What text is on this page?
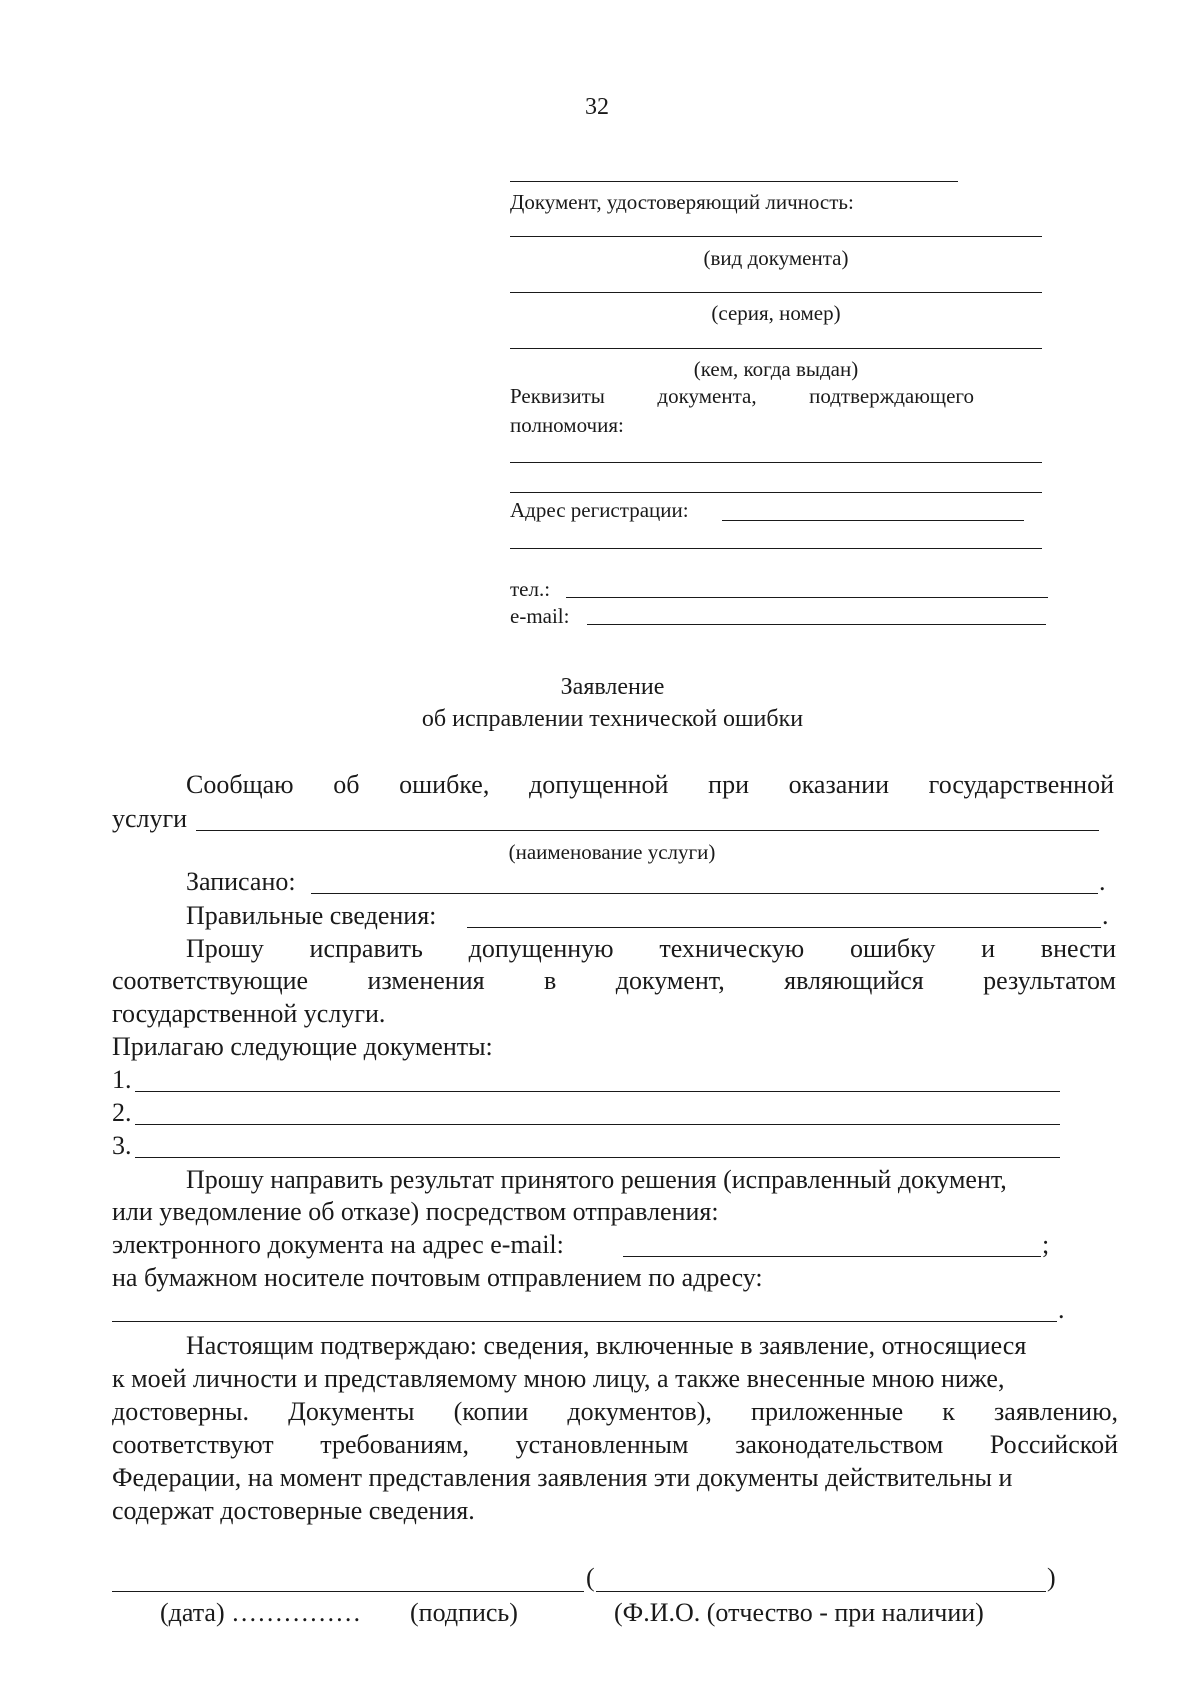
32
Документ, удостоверяющий личность:
(вид документа)
(серия, номер)
(кем, когда выдан)
Реквизиты документа, подтверждающего
полномочия:
Адрес регистрации:
тел.:
e-mail:
Заявление
об исправлении технической ошибки
Сообщаю об ошибке, допущенной при оказании государственной
услуги
(наименование услуги)
Записано:	.
Правильные сведения:	.
Прошу исправить допущенную техническую ошибку и внести
соответствующие изменения в документ, являющийся результатом
государственной услуги.
Прилагаю следующие документы:
1.
2.
3.
Прошу направить результат принятого решения (исправленный документ,
или уведомление об отказе) посредством отправления:
электронного документа на адрес e-mail:	;
на бумажном носителе почтовым отправлением по адресу:
.
Настоящим подтверждаю: сведения, включенные в заявление, относящиеся
к моей личности и представляемому мною лицу, а также внесенные мною ниже,
достоверны. Документы (копии документов), приложенные к заявлению,
соответствуют требованиям, установленным законодательством Российской
Федерации, на момент представления заявления эти документы действительны и
содержат достоверные сведения.
(	)
(дата) …………… (подпись)	(Ф.И.О. (отчество - при наличии)
